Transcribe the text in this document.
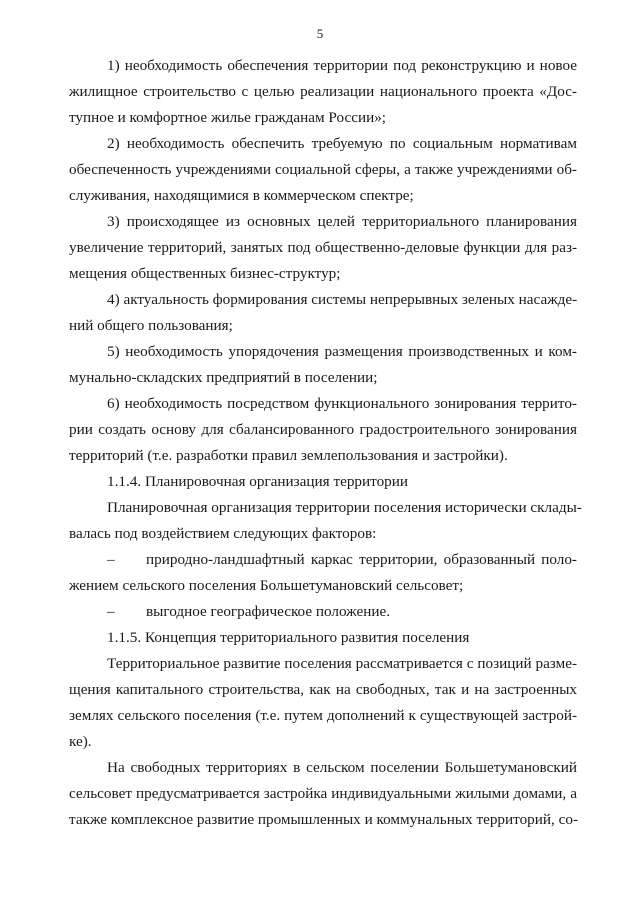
5
1) необходимость обеспечения территории под реконструкцию и новое
жилищное строительство с целью реализации национального проекта «Дос-
тупное и комфортное жилье гражданам России»;
2) необходимость обеспечить требуемую по социальным нормативам
обеспеченность учреждениями социальной сферы, а также учреждениями об-
служивания, находящимися в коммерческом спектре;
3) происходящее из основных целей территориального планирования
увеличение территорий, занятых под общественно-деловые функции для раз-
мещения общественных бизнес-структур;
4) актуальность формирования системы непрерывных зеленых насажде-
ний общего пользования;
5) необходимость упорядочения размещения производственных и ком-
мунально-складских предприятий в поселении;
6) необходимость посредством функционального зонирования террито-
рии создать основу для сбалансированного градостроительного зонирования
территорий (т.е. разработки правил землепользования и застройки).
1.1.4. Планировочная организация территории
Планировочная организация территории поселения исторически склады-
валась под воздействием следующих факторов:
–	природно-ландшафтный каркас территории, образованный поло-
жением сельского поселения Большетумановский сельсовет;
–	выгодное географическое положение.
1.1.5. Концепция территориального развития поселения
Территориальное развитие поселения рассматривается с позиций разме-
щения капитального строительства, как на свободных, так и на застроенных
землях сельского поселения (т.е. путем дополнений к существующей застрой-
ке).
На свободных территориях в сельском поселении Большетумановский
сельсовет предусматривается застройка индивидуальными жилыми домами, а
также комплексное развитие промышленных и коммунальных территорий, со-
